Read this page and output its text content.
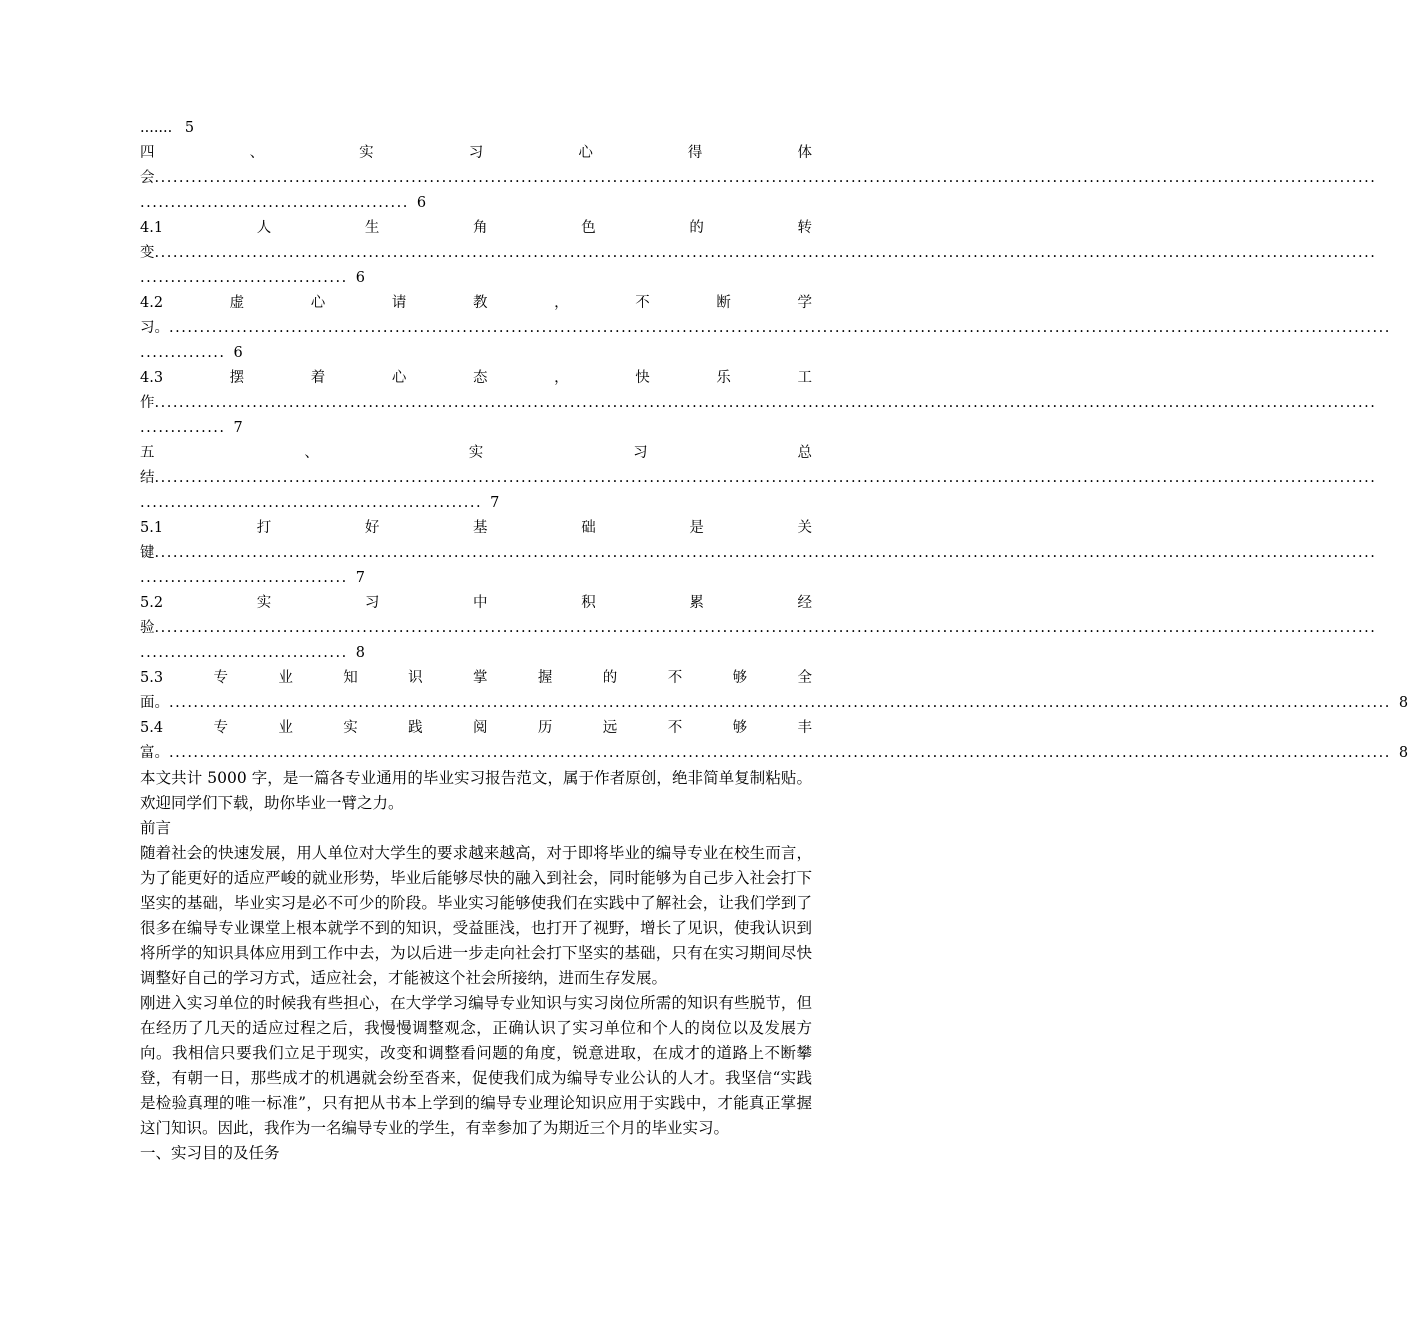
....... 5
四	、	实	习	心	得	体
会 ........................................................................................................................................................................................................
............................................ 6
4.1	人	生	角	色	的	转
变 ........................................................................................................................................................................................................
.................................. 6
4.2	虚	心	请	教	，	不	断	学
习。 ........................................................................................................................................................................................................
.............. 6
4.3	摆	着	心	态	，	快	乐	工
作 ........................................................................................................................................................................................................
.............. 7
五	、	实	习	总
结 ........................................................................................................................................................................................................
........................................................ 7
5.1	打	好	基	础	是	关
键 ........................................................................................................................................................................................................
.................................. 7
5.2	实	习	中	积	累	经
验 ........................................................................................................................................................................................................
.................................. 8
5.3	专	业	知	识	掌	握	的	不	够	全
面。 ........................................................................................................................................................................................................ 8
5.4	专	业	实	践	阅	历	远	不	够	丰
富。 ........................................................................................................................................................................................................ 8

本文共计 5000 字，是一篇各专业通用的毕业实习报告范文，属于作者原创，绝非简单复制粘贴。欢迎同学们下载，助你毕业一臂之力。

前言

随着社会的快速发展，用人单位对大学生的要求越来越高，对于即将毕业的编导专业在校生而言，为了能更好的适应严峻的就业形势，毕业后能够尽快的融入到社会，同时能够为自己步入社会打下坚实的基础，毕业实习是必不可少的阶段。毕业实习能够使我们在实践中了解社会，让我们学到了很多在编导专业课堂上根本就学不到的知识，受益匪浅，也打开了视野，增长了见识，使我认识到将所学的知识具体应用到工作中去，为以后进一步走向社会打下坚实的基础，只有在实习期间尽快调整好自己的学习方式，适应社会，才能被这个社会所接纳，进而生存发展。

刚进入实习单位的时候我有些担心，在大学学习编导专业知识与实习岗位所需的知识有些脱节，但在经历了几天的适应过程之后，我慢慢调整观念，正确认识了实习单位和个人的岗位以及发展方向。我相信只要我们立足于现实，改变和调整看问题的角度，锐意进取，在成才的道路上不断攀登，有朝一日，那些成才的机遇就会纷至沓来，促使我们成为编导专业公认的人才。我坚信“实践是检验真理的唯一标准”，只有把从书本上学到的编导专业理论知识应用于实践中，才能真正掌握这门知识。因此，我作为一名编导专业的学生，有幸参加了为期近三个月的毕业实习。

一、实习目的及任务
